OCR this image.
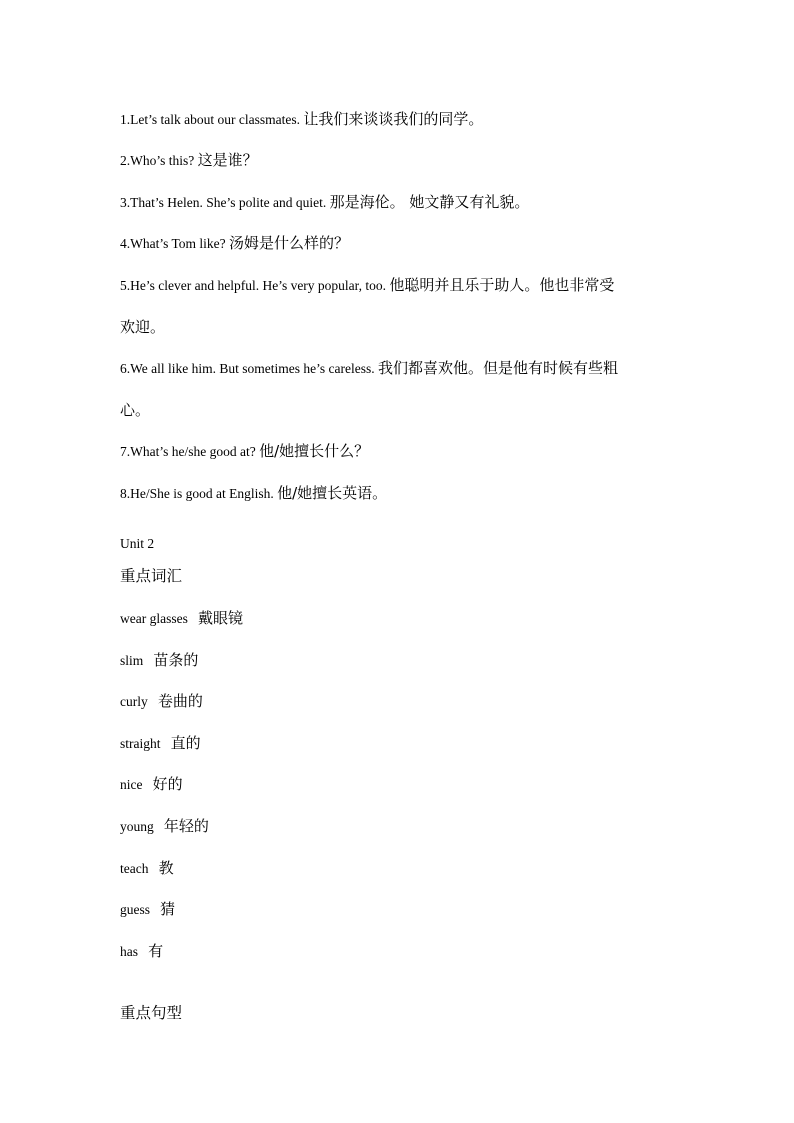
1.Let’s talk about our classmates. 让我们来谈谈我们的同学。
2.Who’s this? 这是谁？
3.That’s Helen. She’s polite and quiet. 那是海伦。 她文静又有礼貌。
4.What’s Tom like? 汤姆是什么样的？
5.He’s clever and helpful. He’s very popular, too. 他聪明并且乐于助人。他也非常受
欢迎。
6.We all like him. But sometimes he’s careless. 我们都喜欢他。但是他有时候有些粗
心。
7.What’s he/she good at? 他/她擅长什么？
8.He/She is good at English. 他/她擅长英语。
Unit 2
重点词汇
wear glasses 戴眼镜
slim 苗条的
curly 卷曲的
straight 直的
nice 好的
young 年轻的
teach 教
guess 猜
has 有
重点句型
